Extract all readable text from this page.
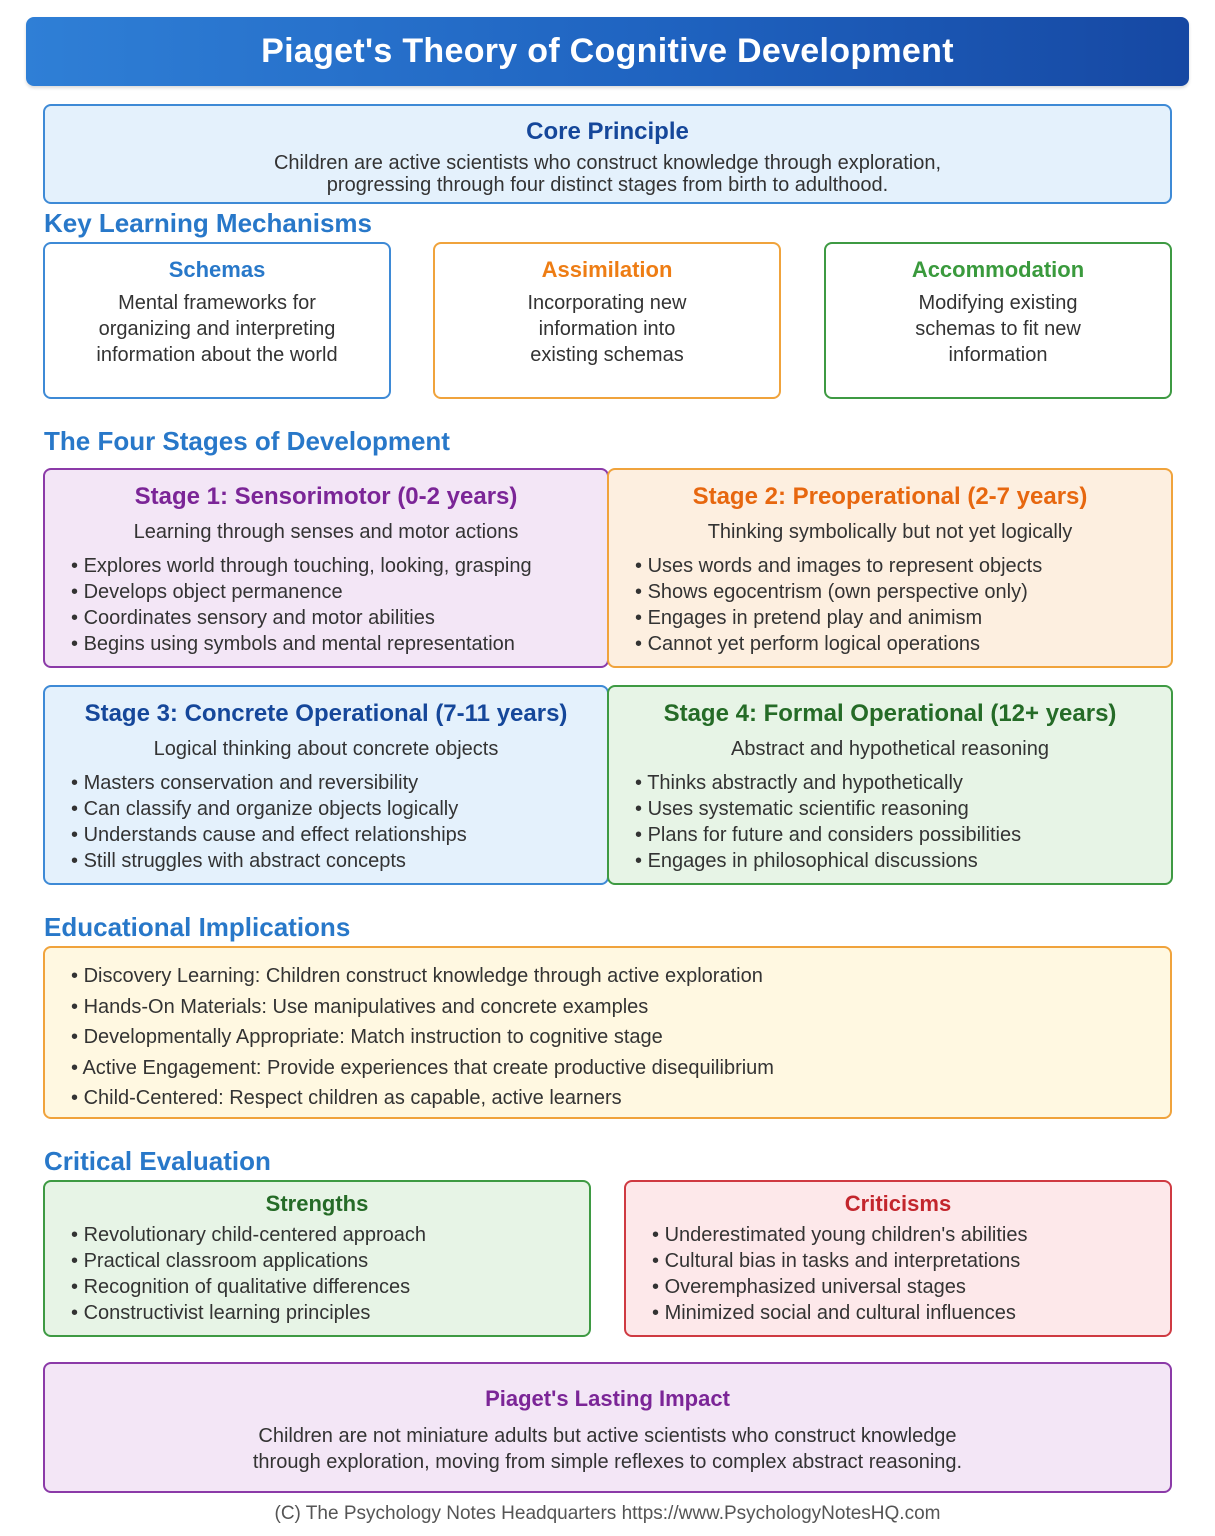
Piaget's Theory of Cognitive Development
Core Principle

Children are active scientists who construct knowledge through exploration,

progressing through four distinct stages from birth to adulthood.

Key Learning Mechanisms
Schemas

Mental frameworks for organizing and interpreting information about the world

Assimilation

Incorporating new information into existing schemas

Accommodation

Modifying existing schemas to fit new information

The Four Stages of Development
Stage 1: Sensorimotor (0-2 years)
Learning through senses and motor actions
• Explores world through touching, looking, grasping
• Develops object permanence
• Coordinates sensory and motor abilities
• Begins using symbols and mental representation
Stage 2: Preoperational (2-7 years)
Thinking symbolically but not yet logically
• Uses words and images to represent objects
• Shows egocentrism (own perspective only)
• Engages in pretend play and animism
• Cannot yet perform logical operations
Stage 3: Concrete Operational (7-11 years)
Logical thinking about concrete objects
• Masters conservation and reversibility
• Can classify and organize objects logically
• Understands cause and effect relationships
• Still struggles with abstract concepts
Stage 4: Formal Operational (12+ years)
Abstract and hypothetical reasoning
• Thinks abstractly and hypothetically
• Uses systematic scientific reasoning
• Plans for future and considers possibilities
• Engages in philosophical discussions
Educational Implications
• Discovery Learning: Children construct knowledge through active exploration
• Hands-On Materials: Use manipulatives and concrete examples
• Developmentally Appropriate: Match instruction to cognitive stage
• Active Engagement: Provide experiences that create productive disequilibrium
• Child-Centered: Respect children as capable, active learners
Critical Evaluation
Strengths
• Revolutionary child-centered approach
• Practical classroom applications
• Recognition of qualitative differences
• Constructivist learning principles
Criticisms
• Underestimated young children's abilities
• Cultural bias in tasks and interpretations
• Overemphasized universal stages
• Minimized social and cultural influences
Piaget's Lasting Impact

Children are not miniature adults but active scientists who construct knowledge

through exploration, moving from simple reflexes to complex abstract reasoning.

(C) The Psychology Notes Headquarters https://www.PsychologyNotesHQ.com
